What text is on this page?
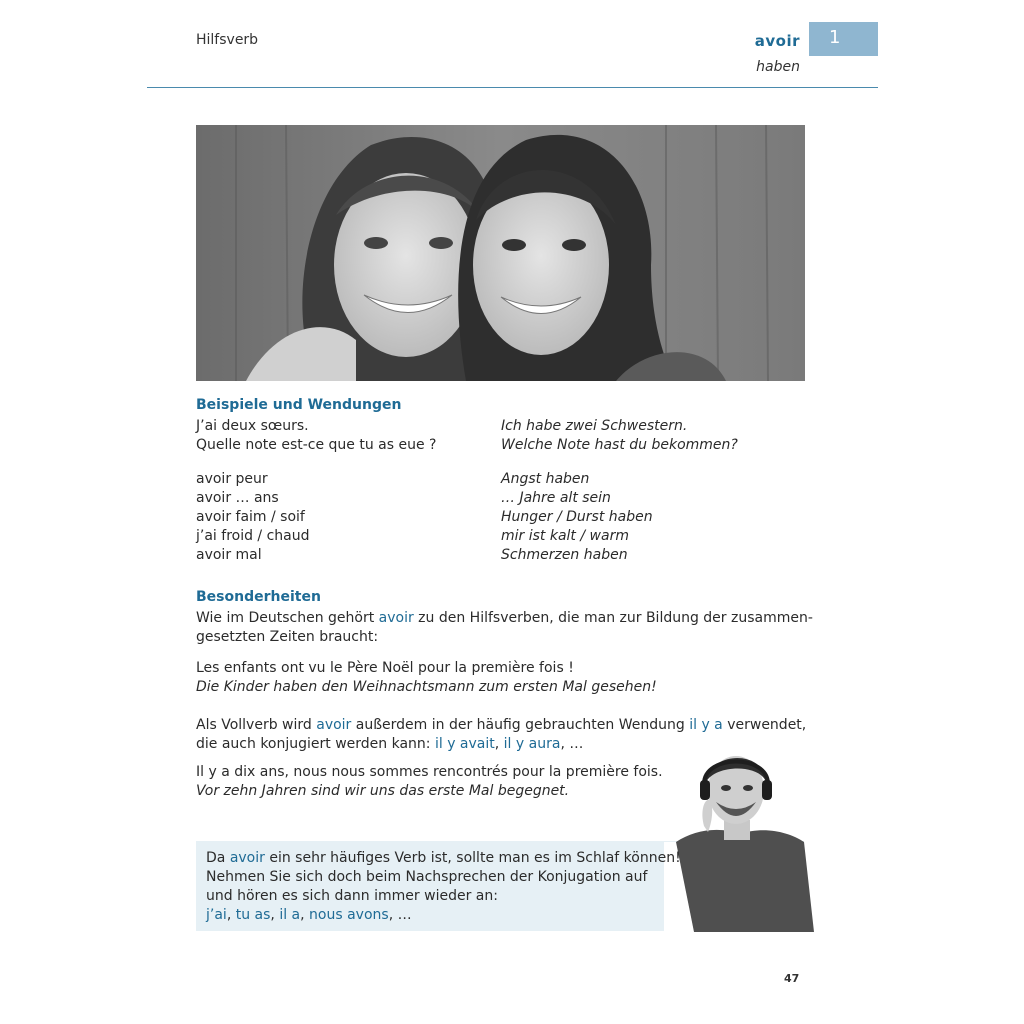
Hilfsverb	avoir
haben
1
Beispiele und Wendungen
J’ai deux sœurs.	Ich habe zwei Schwestern.
Quelle note est-ce que tu as eue ?	Welche Note hast du bekommen?
avoir peur	Angst haben
avoir … ans	… Jahre alt sein
avoir faim / soif	Hunger / Durst haben
j’ai froid / chaud	mir ist kalt / warm
avoir mal	Schmerzen haben
Besonderheiten
Wie im Deutschen gehört avoir zu den Hilfsverben, die man zur Bildung der zusammen-
gesetzten Zeiten braucht:
Les enfants ont vu le Père Noël pour la première fois !
Die Kinder haben den Weihnachtsmann zum ersten Mal gesehen!
Als Vollverb wird avoir außerdem in der häufig gebrauchten Wendung il y a verwendet,
die auch konjugiert werden kann: il y avait, il y aura, …
Il y a dix ans, nous nous sommes rencontrés pour la première fois.
Vor zehn Jahren sind wir uns das erste Mal begegnet.
Da avoir ein sehr häufiges Verb ist, sollte man es im Schlaf können!
Nehmen Sie sich doch beim Nachsprechen der Konjugation auf
und hören es sich dann immer wieder an:
j’ai, tu as, il a, nous avons, …
47
